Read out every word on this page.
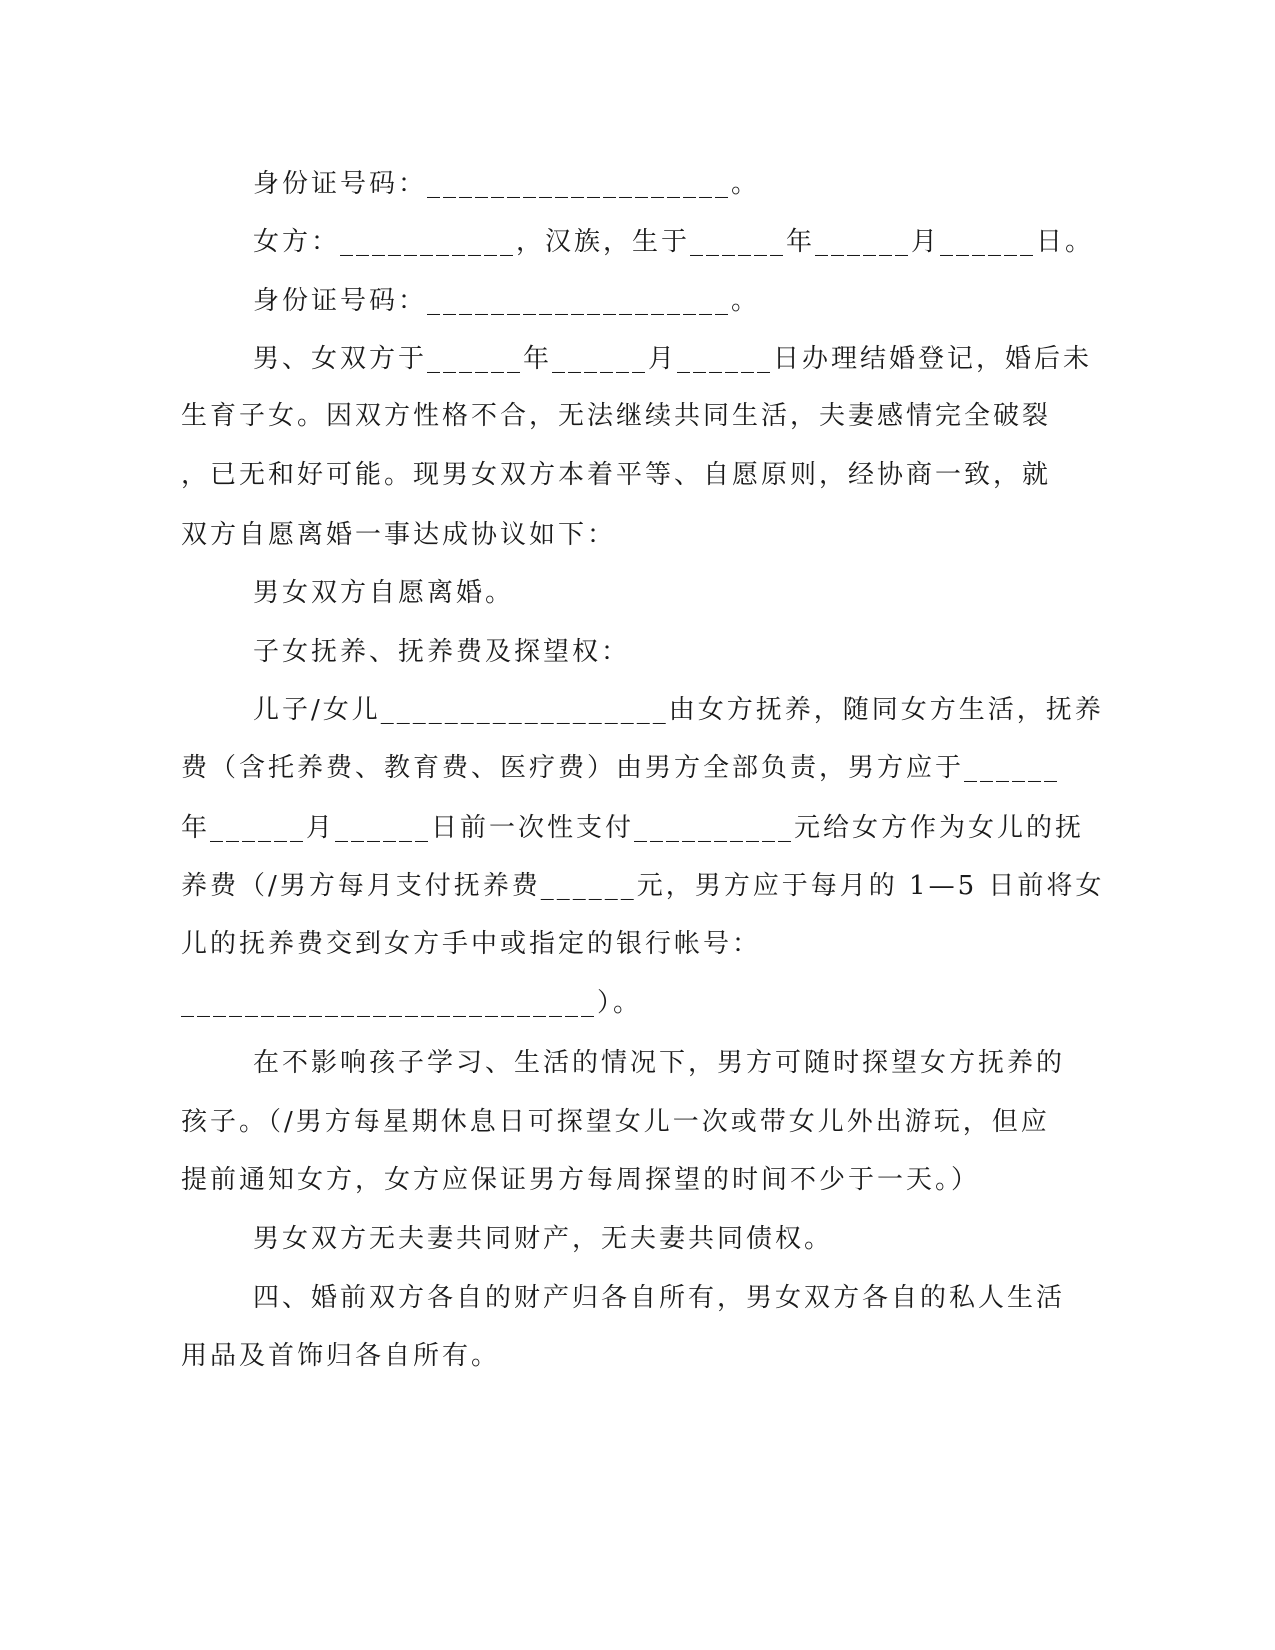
身份证号码：___________________。
女方：___________，汉族，生于______年______月______日。
身份证号码：___________________。
男、女双方于______年______月______日办理结婚登记，婚后未
生育子女。因双方性格不合，无法继续共同生活，夫妻感情完全破裂
，已无和好可能。现男女双方本着平等、自愿原则，经协商一致，就
双方自愿离婚一事达成协议如下：
男女双方自愿离婚。
子女抚养、抚养费及探望权：
儿子/女儿__________________由女方抚养，随同女方生活，抚养
费（含托养费、教育费、医疗费）由男方全部负责，男方应于______
年______月______日前一次性支付__________元给女方作为女儿的抚
养费（/男方每月支付抚养费______元，男方应于每月的 1—5 日前将女
儿的抚养费交到女方手中或指定的银行帐号：
__________________________）。
在不影响孩子学习、生活的情况下，男方可随时探望女方抚养的
孩子。（/男方每星期休息日可探望女儿一次或带女儿外出游玩，但应
提前通知女方，女方应保证男方每周探望的时间不少于一天。）
男女双方无夫妻共同财产，无夫妻共同债权。
四、婚前双方各自的财产归各自所有，男女双方各自的私人生活
用品及首饰归各自所有。
